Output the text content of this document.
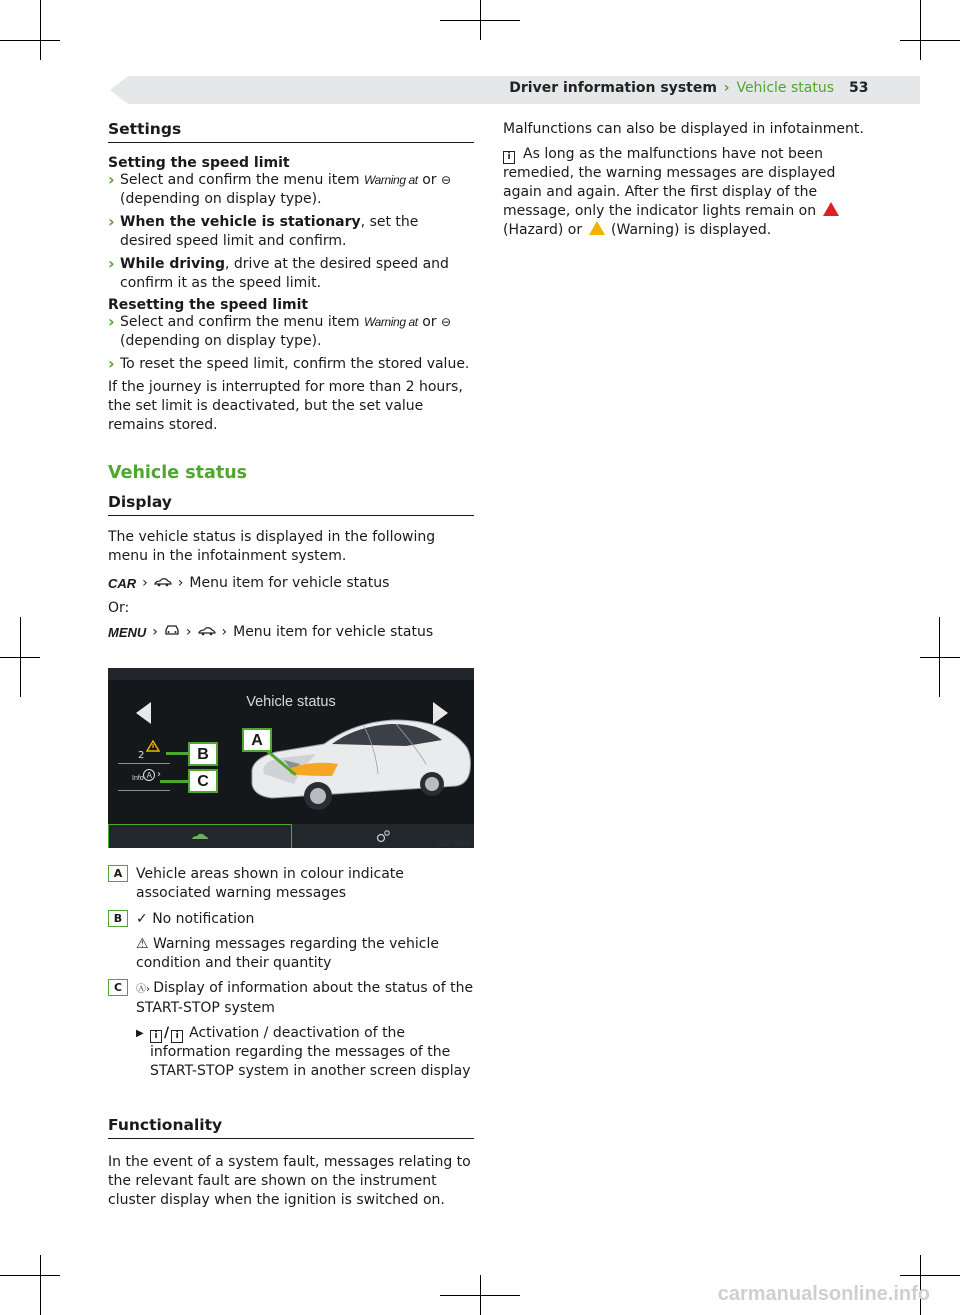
Driver information system › Vehicle status 53
Settings
Setting the speed limit
› Select and confirm the menu item Warning at or ⊖
(depending on display type).
› When the vehicle is stationary, set the desired speed limit and confirm.
› While driving, drive at the desired speed and confirm it as the speed limit.
Resetting the speed limit
› Select and confirm the menu item Warning at or ⊖
(depending on display type).
› To reset the speed limit, confirm the stored value.

If the journey is interrupted for more than 2 hours, the set limit is deactivated, but the set value remains stored.

Vehicle status
Display

The vehicle status is displayed in the following menu in the infotainment system.

CAR › › Menu item for vehicle status

Or:

MENU › › › Menu item for vehicle status
Vehicle status
2
Info A ›
A
B
C
S18-0368
A Vehicle areas shown in colour indicate associated warning messages

B ✓ No notification

⚠ Warning messages regarding the vehicle condition and their quantity

C	Ⓐ› Display of information about the status of the START-STOP system

▶ i / i Activation / deactivation of the information regarding the messages of the START-STOP system in another screen display

Functionality

In the event of a system fault, messages relating to the relevant fault are shown on the instrument cluster display when the ignition is switched on.

Malfunctions can also be displayed in infotainment.

i As long as the malfunctions have not been remedied, the warning messages are displayed again and again. After the first display of the message, only the indicator lights remain on  (Hazard) or  (Warning) is displayed.

carmanualsonline.info
